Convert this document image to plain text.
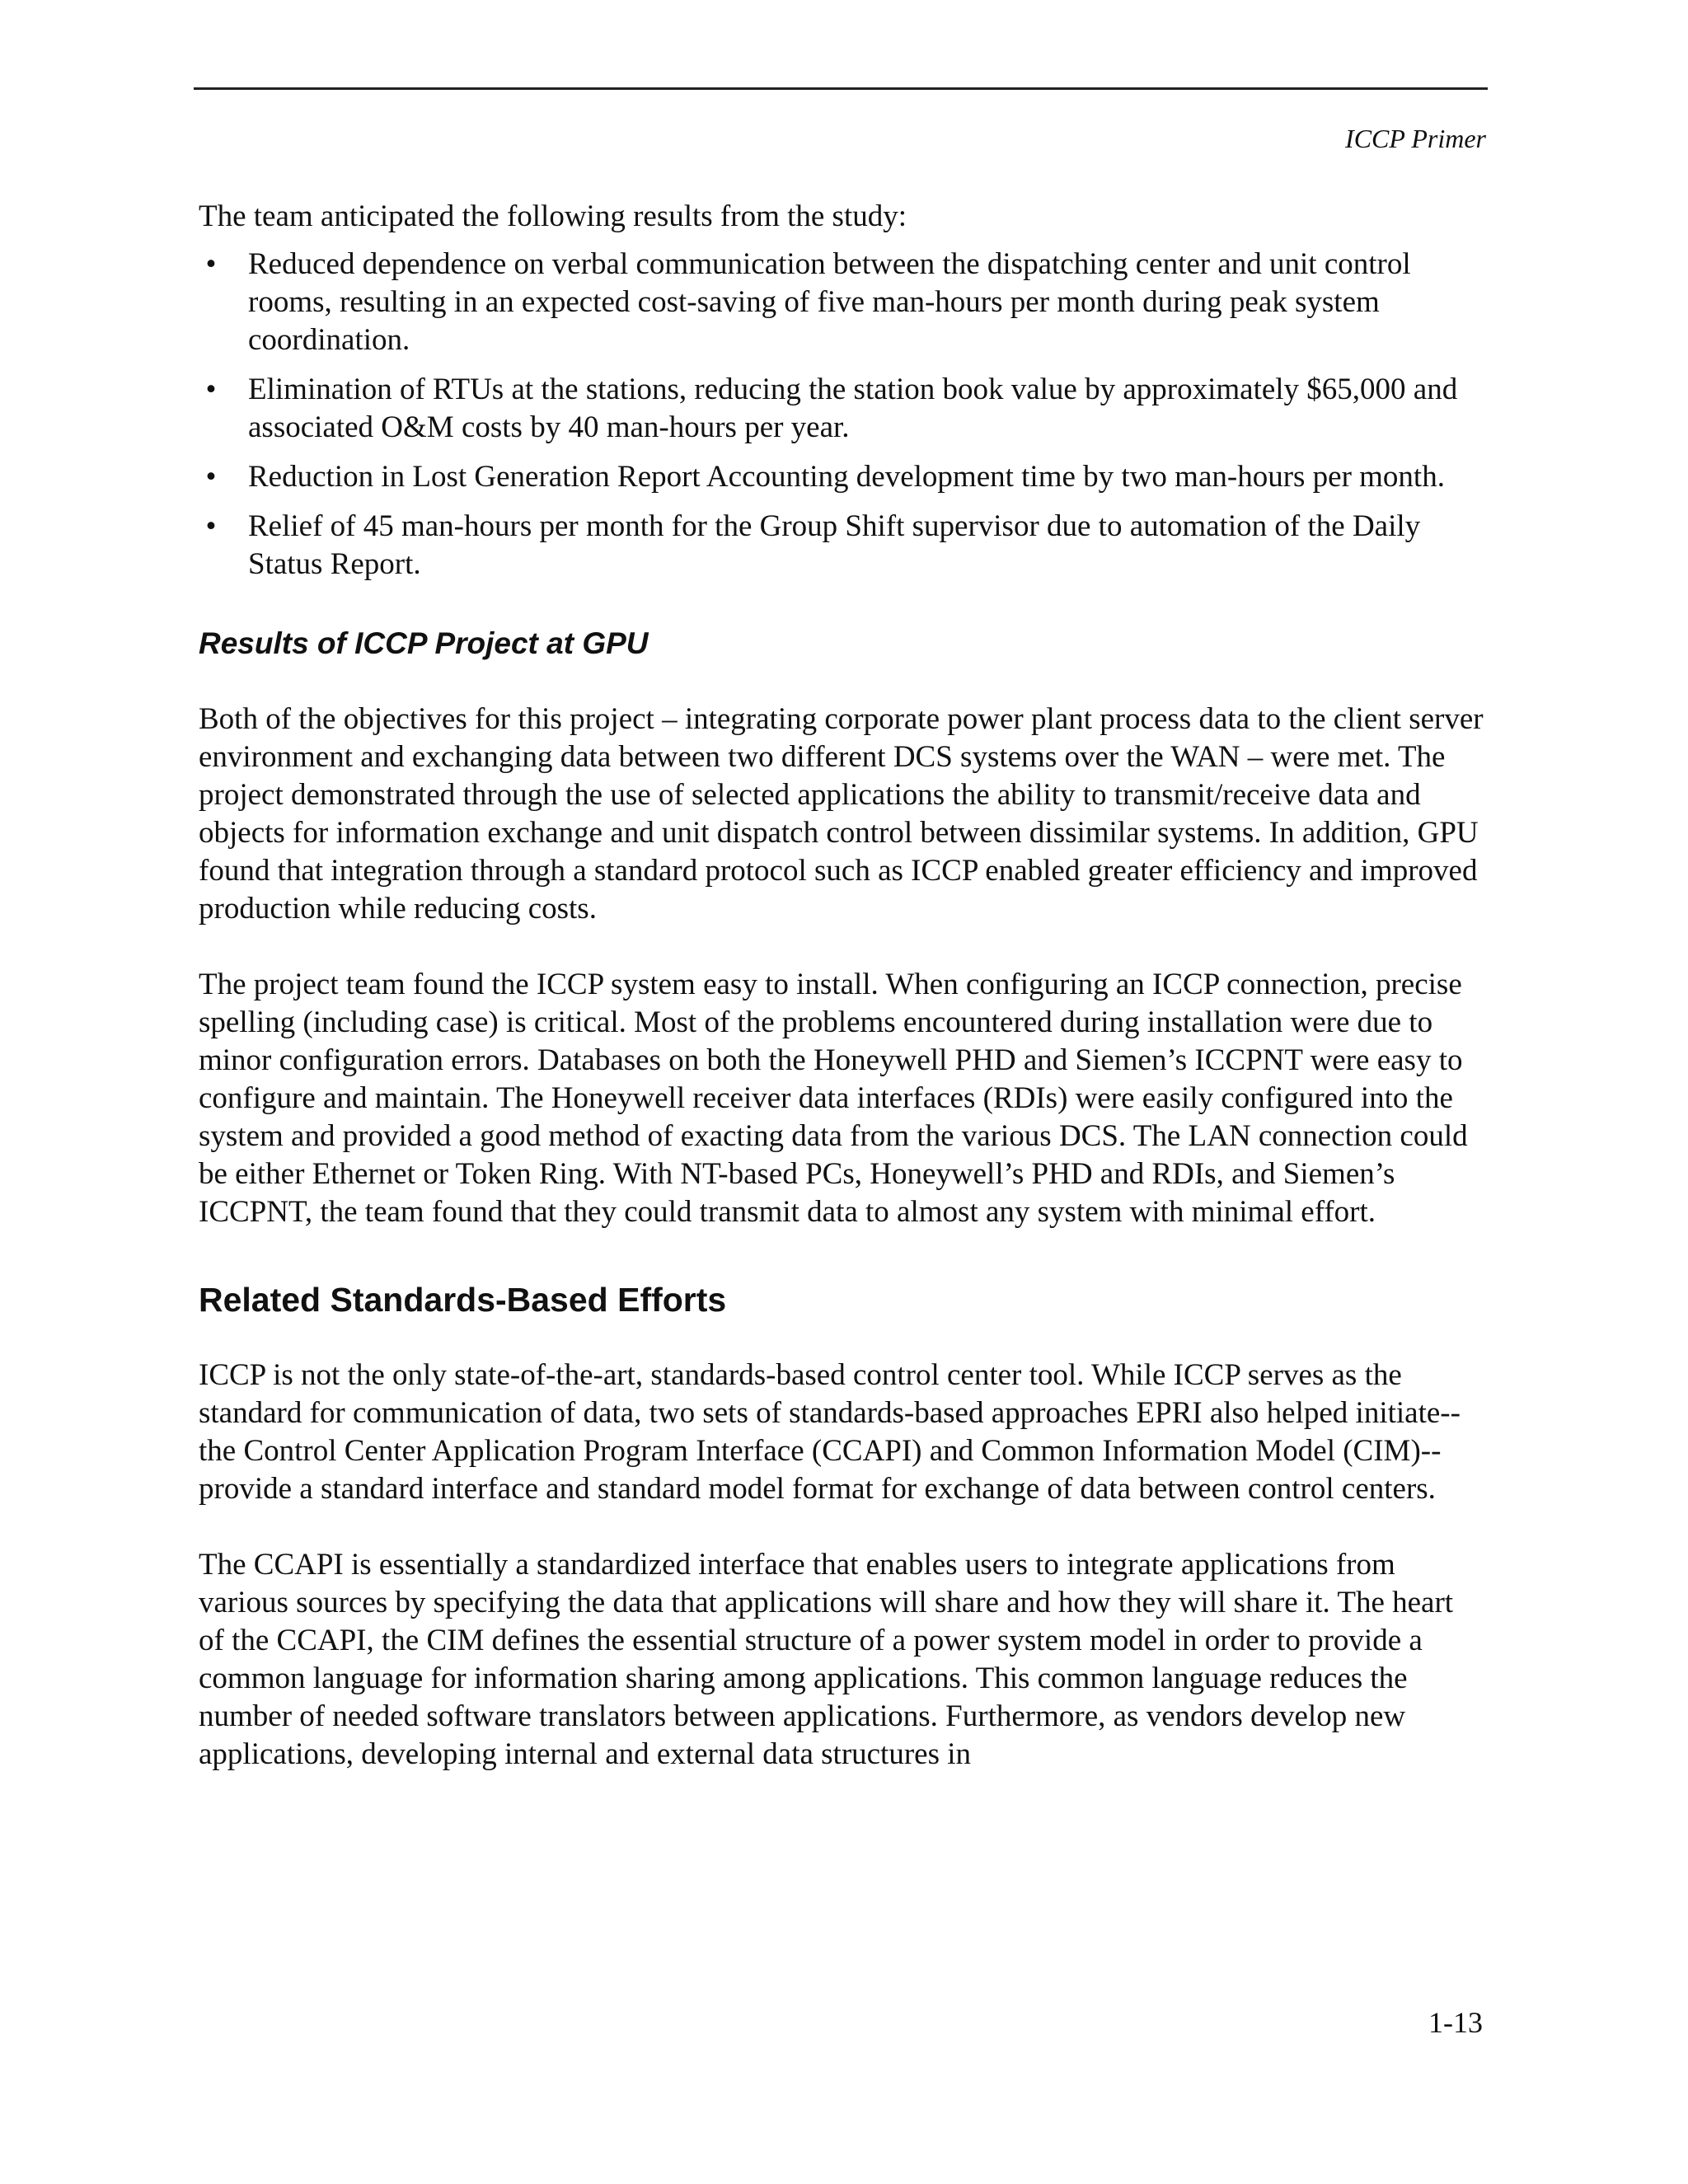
ICCP Primer

The team anticipated the following results from the study:

• Reduced dependence on verbal communication between the dispatching center and unit control rooms, resulting in an expected cost-saving of five man-hours per month during peak system coordination.
• Elimination of RTUs at the stations, reducing the station book value by approximately $65,000 and associated O&M costs by 40 man-hours per year.
• Reduction in Lost Generation Report Accounting development time by two man-hours per month.
• Relief of 45 man-hours per month for the Group Shift supervisor due to automation of the Daily Status Report.
Results of ICCP Project at GPU

Both of the objectives for this project – integrating corporate power plant process data to the client server environment and exchanging data between two different DCS systems over the WAN – were met. The project demonstrated through the use of selected applications the ability to transmit/receive data and objects for information exchange and unit dispatch control between dissimilar systems. In addition, GPU found that integration through a standard protocol such as ICCP enabled greater efficiency and improved production while reducing costs.

The project team found the ICCP system easy to install. When configuring an ICCP connection, precise spelling (including case) is critical. Most of the problems encountered during installation were due to minor configuration errors. Databases on both the Honeywell PHD and Siemen’s ICCPNT were easy to configure and maintain. The Honeywell receiver data interfaces (RDIs) were easily configured into the system and provided a good method of exacting data from the various DCS. The LAN connection could be either Ethernet or Token Ring. With NT-based PCs, Honeywell’s PHD and RDIs, and Siemen’s ICCPNT, the team found that they could transmit data to almost any system with minimal effort.

Related Standards-Based Efforts

ICCP is not the only state-of-the-art, standards-based control center tool. While ICCP serves as the standard for communication of data, two sets of standards-based approaches EPRI also helped initiate--the Control Center Application Program Interface (CCAPI) and Common Information Model (CIM)--provide a standard interface and standard model format for exchange of data between control centers.

The CCAPI is essentially a standardized interface that enables users to integrate applications from various sources by specifying the data that applications will share and how they will share it. The heart of the CCAPI, the CIM defines the essential structure of a power system model in order to provide a common language for information sharing among applications. This common language reduces the number of needed software translators between applications. Furthermore, as vendors develop new applications, developing internal and external data structures in

1-13
